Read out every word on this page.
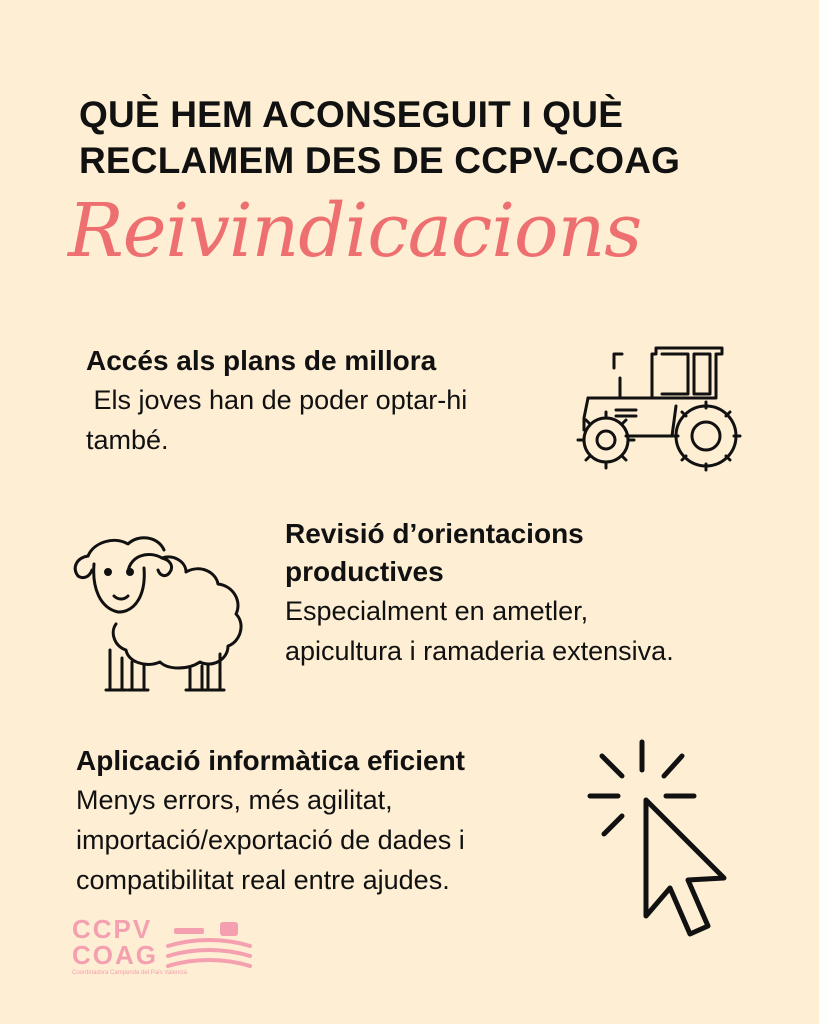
QUÈ HEM ACONSEGUIT I QUÈ
RECLAMEM DES DE CCPV-COAG
Reivindicacions
Accés als plans de millora
Els joves han de poder optar-hi
també.
Revisió d’orientacions
productives
Especialment en ametler,
apicultura i ramaderia extensiva.
Aplicació informàtica eficient
Menys errors, més agilitat,
importació/exportació de dades i
compatibilitat real entre ajudes.
CCPV
COAG
Coordinadora Camperola del País Valencià
